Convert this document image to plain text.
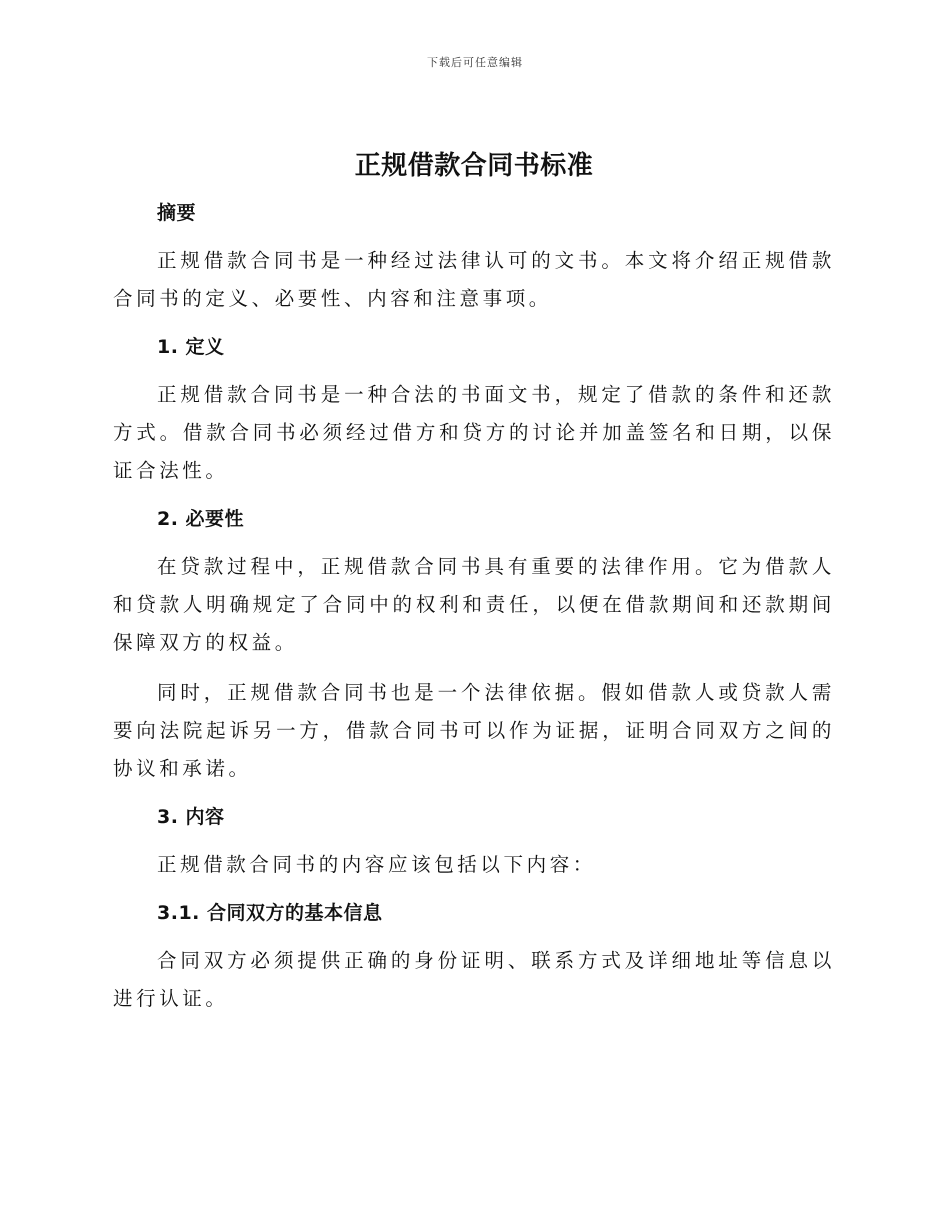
下载后可任意编辑
正规借款合同书标准
摘要

正规借款合同书是一种经过法律认可的文书。本文将介绍正规借款合同书的定义、必要性、内容和注意事项。

1. 定义

正规借款合同书是一种合法的书面文书，规定了借款的条件和还款方式。借款合同书必须经过借方和贷方的讨论并加盖签名和日期，以保证合法性。

2. 必要性

在贷款过程中，正规借款合同书具有重要的法律作用。它为借款人和贷款人明确规定了合同中的权利和责任，以便在借款期间和还款期间保障双方的权益。

同时，正规借款合同书也是一个法律依据。假如借款人或贷款人需要向法院起诉另一方，借款合同书可以作为证据，证明合同双方之间的协议和承诺。

3. 内容

正规借款合同书的内容应该包括以下内容：

3.1. 合同双方的基本信息

合同双方必须提供正确的身份证明、联系方式及详细地址等信息以进行认证。
